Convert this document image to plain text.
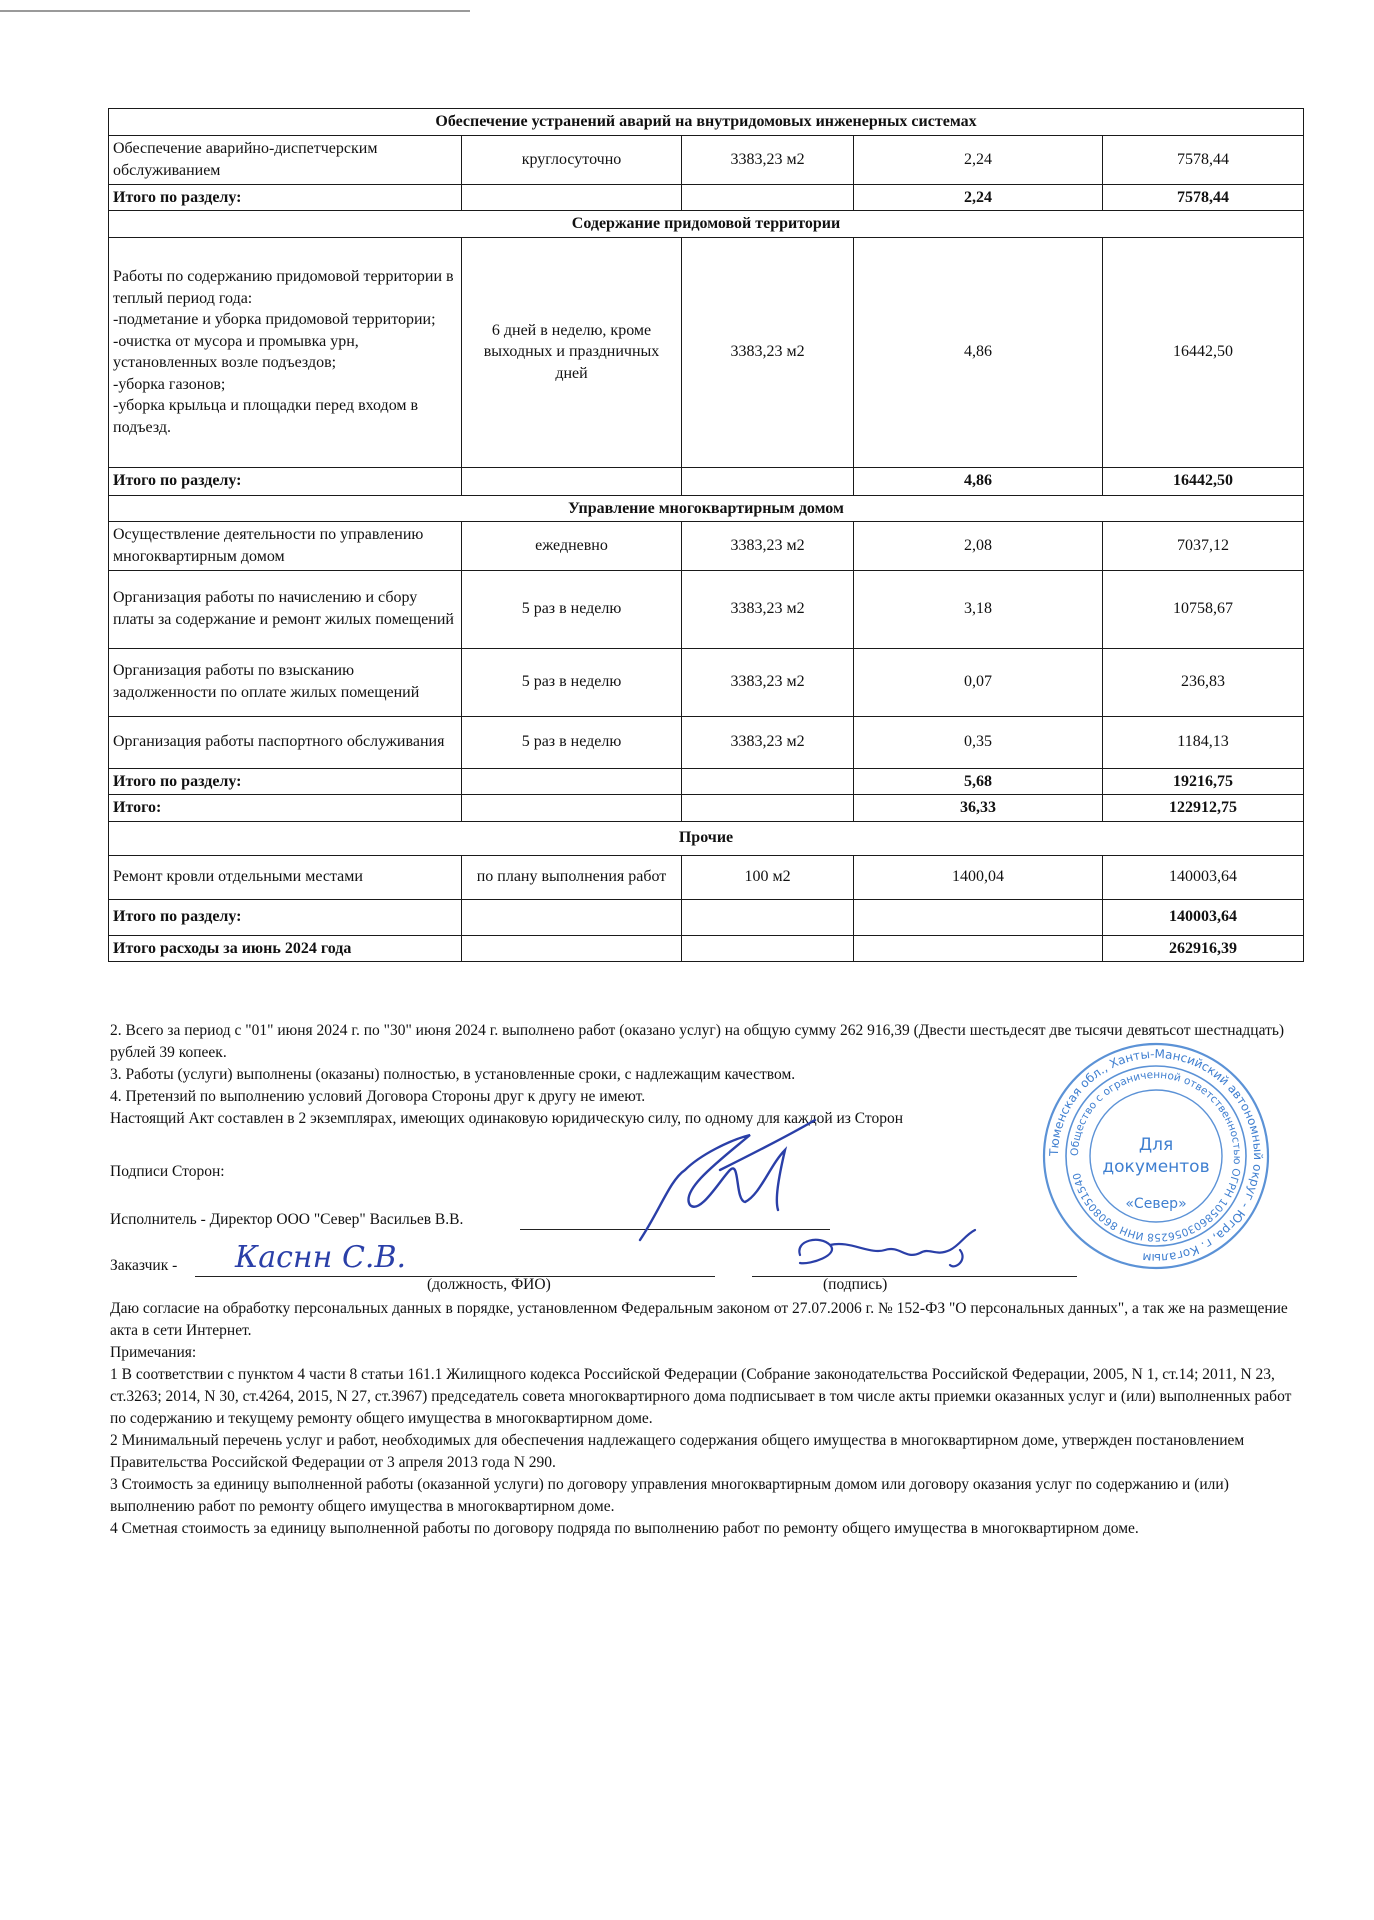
Обеспечение устранений аварий на внутридомовых инженерных системах				
Обеспечение аварийно-диспетчерским обслуживанием	круглосуточно	3383,23 м2	2,24	7578,44
Итого по разделу:			2,24	7578,44
Содержание придомовой территории				
Работы по содержанию придомовой территории в теплый период года:
-подметание и уборка придомовой территории;
-очистка от мусора и промывка урн, установленных возле подъездов;
-уборка газонов;
-уборка крыльца и площадки перед входом в подъезд.	6 дней в неделю, кроме выходных и праздничных дней	3383,23 м2	4,86	16442,50
Итого по разделу:			4,86	16442,50
Управление многоквартирным домом				
Осуществление деятельности по управлению многоквартирным домом	ежедневно	3383,23 м2	2,08	7037,12
Организация работы по начислению и сбору платы за содержание и ремонт жилых помещений	5 раз в неделю	3383,23 м2	3,18	10758,67
Организация работы по взысканию задолженности по оплате жилых помещений	5 раз в неделю	3383,23 м2	0,07	236,83
Организация работы паспортного обслуживания	5 раз в неделю	3383,23 м2	0,35	1184,13
Итого по разделу:			5,68	19216,75
Итого:			36,33	122912,75
Прочие				
Ремонт кровли отдельными местами	по плану выполнения работ	100 м2	1400,04	140003,64
Итого по разделу:				140003,64
Итого расходы за июнь 2024 года				262916,39

2. Всего за период с "01" июня 2024 г. по "30" июня 2024 г. выполнено работ (оказано услуг) на общую сумму 262 916,39 (Двести шестьдесят две тысячи девятьсот шестнадцать) рублей 39 копеек.

3. Работы (услуги) выполнены (оказаны) полностью, в установленные сроки, с надлежащим качеством.

4. Претензий по выполнению условий Договора Стороны друг к другу не имеют.

Настоящий Акт составлен в 2 экземплярах, имеющих одинаковую юридическую силу, по одному для каждой из Сторон

Подписи Сторон:
Исполнитель - Директор ООО "Север" Васильев В.В.
Заказчик - Каснн С.В.
(должность, ФИО)	(подпись)

Даю согласие на обработку персональных данных в порядке, установленном Федеральным законом от 27.07.2006 г. № 152-ФЗ "О персональных данных", а так же на размещение акта в сети Интернет.

Примечания:

1 В соответствии с пунктом 4 части 8 статьи 161.1 Жилищного кодекса Российской Федерации (Собрание законодательства Российской Федерации, 2005, N 1, ст.14; 2011, N 23, ст.3263; 2014, N 30, ст.4264, 2015, N 27, ст.3967) председатель совета многоквартирного дома подписывает в том числе акты приемки оказанных услуг и (или) выполненных работ по содержанию и текущему ремонту общего имущества в многоквартирном доме.

2 Минимальный перечень услуг и работ, необходимых для обеспечения надлежащего содержания общего имущества в многоквартирном доме, утвержден постановлением Правительства Российской Федерации от 3 апреля 2013 года N 290.

3 Стоимость за единицу выполненной работы (оказанной услуги) по договору управления многоквартирным домом или договору оказания услуг по содержанию и (или) выполнению работ по ремонту общего имущества в многоквартирном доме.

4 Сметная стоимость за единицу выполненной работы по договору подряда по выполнению работ по ремонту общего имущества в многоквартирном доме.

Тюменская обл., Ханты-Мансийский автономный округ - Югра, г. Когалым
Общество с ограниченной ответственностью ОГРН 1058603056258 ИНН 8608051540
Для
документов
«Север»
